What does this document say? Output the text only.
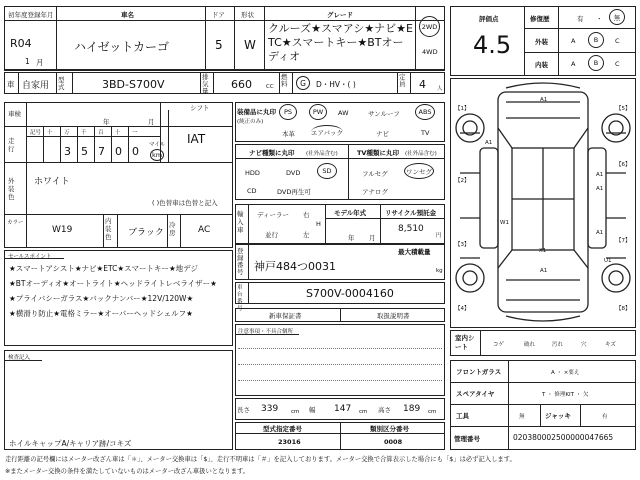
初年度登録年月
R04
1 月
車名
ハイゼットカーゴ
ドア
5
形状
W
グレード
クルーズ★スマアシ★ナビ★ETC★スマートキー★BTオーディオ
2WD
4WD
車 自家用
型式	3BD-S700V
排気量	660	CC
燃料	G	D・HV・( )
定員	4 人
車検
年	月
シフト
IAT
走行
記号 十 万 千 百 十 一
マイル
3 5 7 0 0 km
外装色
ホワイト
( )色替車は色替と記入
カラー
W19
内装色	ブラック
冷房	AC
セールスポイント
★スマートアシスト★ナビ★ETC★スマートキー★地デジ
★BTオーディオ★オートライト★ヘッドライトレベライザー★
★プライバシーガラス★バックナンバー★12V/120W★
★横滑り防止★電格ミラー★オーバーヘッドシェルフ★
検査記入
ホイルキャップA/キャリア跡/コキズ
装備品に丸印
(純正のみ)
PS	PW	AW	サンルーフ	ABS
本革 エアバック	ナビ	TV
ナビ種類に丸印 (社外品含む)
HDD	DVD	SD
CD	DVD再生可
TV種類に丸印 (社外品含む)
フルセグ	ワンセグ
アナログ
輸入車
ディーラー
並行
右
左
H
モデル年式
年 月
リサイクル預託金
8,510
円
登録番号
最大積載量
kg
神戸484つ0031
車台番号
S700V-0004160
新車保証書	取扱説明書
注意事項・不具合個所
長さ 339 cm 幅 147 cm 高さ 189 cm
型式指定番号
23016
類別区分番号
0008
評価点
4.5
修復歴	有 ・	無
外装	A	B	C
内装	A	B	C
A1
A1
A1
A1
W1
X1
A1
A1
U1
【1】
【2】
【3】
【4】
【5】
【6】
【7】
【8】
室内シート	コゲ	破れ	汚れ	穴	キズ
フロントガラス	A ・ ×要え
スペアタイヤ	T ・ 修理KIT ・ 欠
工具	無	ジャッキ	有
管理番号	020380002500000047665
走行距離の記号欄にはメーター改ざん車は「＊」、メーター交換車は「$」、走行不明車は「＃」を記入しております。メーター交換で合算表示した場合にも「$」は必ず記入します。
※またメーター交換の条件を満たしていないものはメーター改ざん車扱いとなります。
